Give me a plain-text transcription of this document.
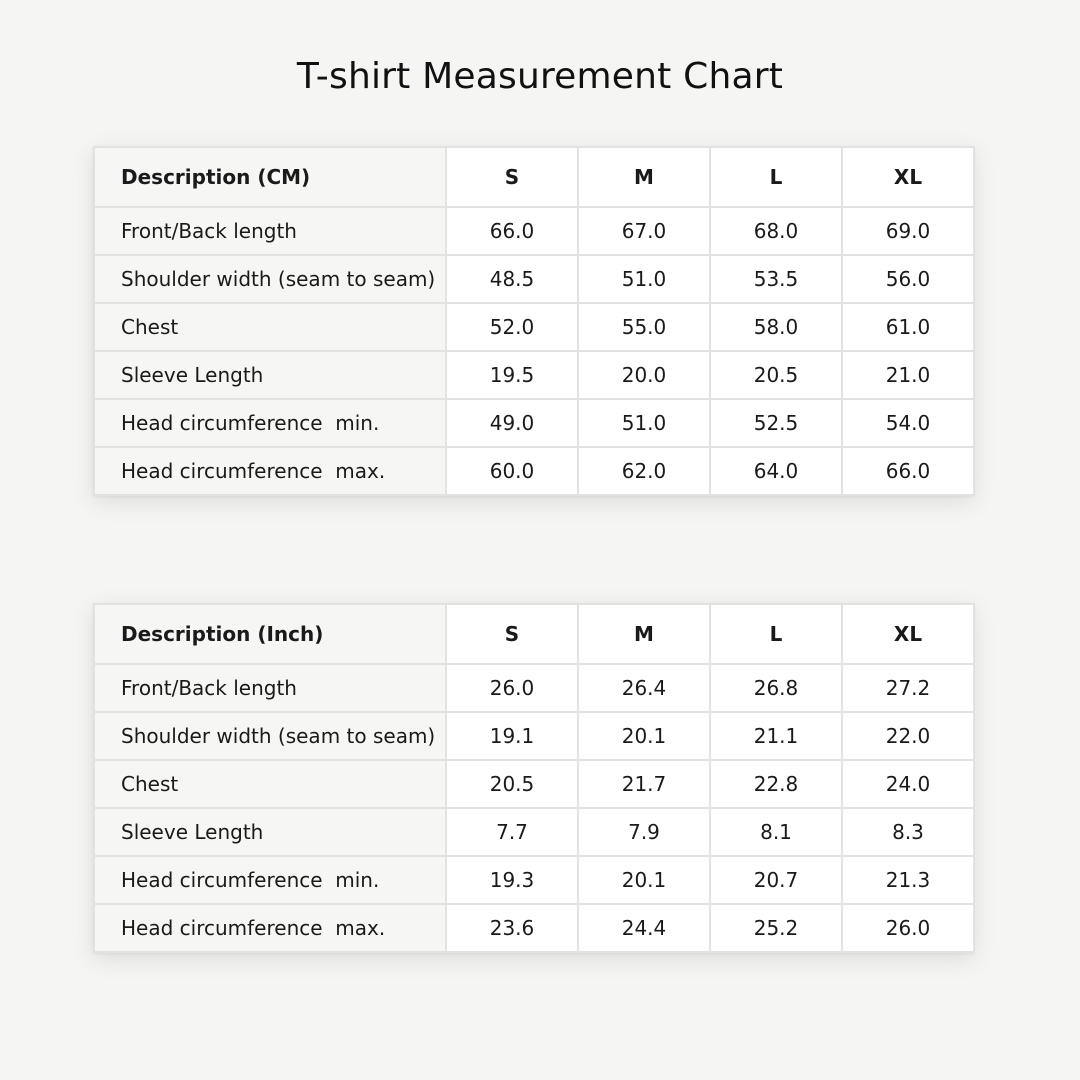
T-shirt Measurement Chart
Description (CM)	S	M	L	XL
Front/Back length	66.0	67.0	68.0	69.0
Shoulder width (seam to seam)	48.5	51.0	53.5	56.0
Chest	52.0	55.0	58.0	61.0
Sleeve Length	19.5	20.0	20.5	21.0
Head circumference  min.	49.0	51.0	52.5	54.0
Head circumference  max.	60.0	62.0	64.0	66.0
Description (Inch)	S	M	L	XL
Front/Back length	26.0	26.4	26.8	27.2
Shoulder width (seam to seam)	19.1	20.1	21.1	22.0
Chest	20.5	21.7	22.8	24.0
Sleeve Length	7.7	7.9	8.1	8.3
Head circumference  min.	19.3	20.1	20.7	21.3
Head circumference  max.	23.6	24.4	25.2	26.0
